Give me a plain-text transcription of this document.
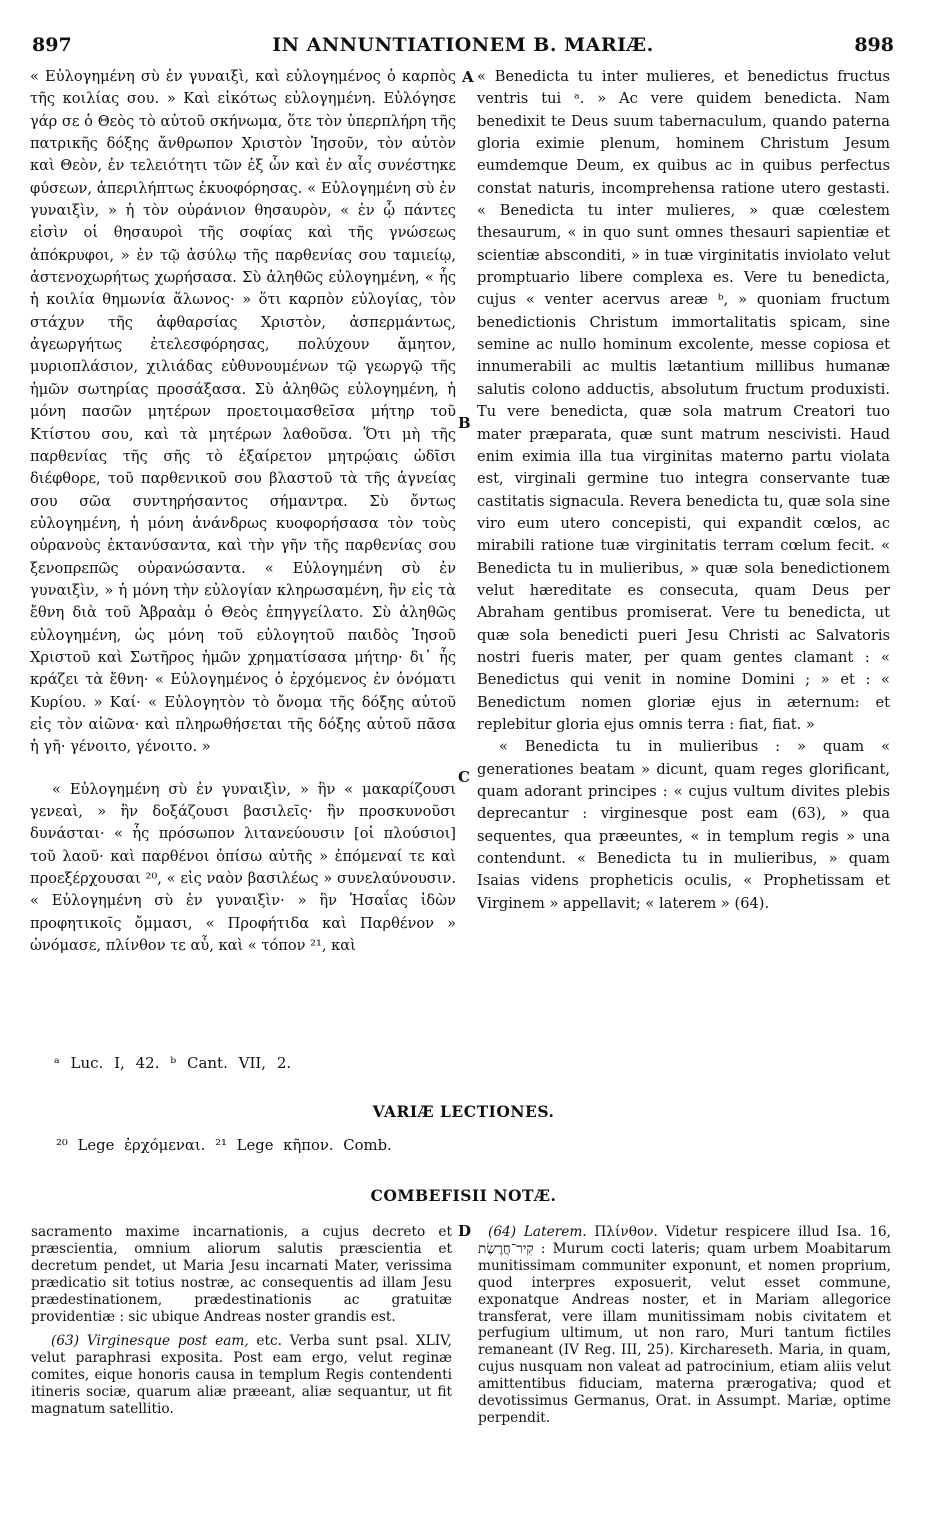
897	IN ANNUNTIATIONEM B. MARIÆ.	898

« Εὐλογημένη σὺ ἐν γυναιξὶ, καὶ εὐλογημένος ὁ καρπὸς τῆς κοιλίας σου. » Καὶ εἰκότως εὐλογημένη. Εὐλόγησε γάρ σε ὁ Θεὸς τὸ αὐτοῦ σκήνωμα, ὅτε τὸν ὑπερπλήρη τῆς πατρικῆς δόξης ἄνθρωπον Χριστὸν Ἰησοῦν, τὸν αὐτὸν καὶ Θεὸν, ἐν τελειότητι τῶν ἐξ ὧν καὶ ἐν αἷς συνέστηκε φύσεων, ἀπεριλήπτως ἐκυοφόρησας. « Εὐλογημένη σὺ ἐν γυναιξὶν, » ἡ τὸν οὐράνιον θησαυρὸν, « ἐν ᾧ πάντες εἰσὶν οἱ θησαυροὶ τῆς σοφίας καὶ τῆς γνώσεως ἀπόκρυφοι, » ἐν τῷ ἀσύλῳ τῆς παρθενίας σου ταμιείῳ, ἀστενοχωρήτως χωρήσασα. Σὺ ἀληθῶς εὐλογημένη, « ἧς ἡ κοιλία θημωνία ἅλωνος· » ὅτι καρπὸν εὐλογίας, τὸν στάχυν τῆς ἀφθαρσίας Χριστὸν, ἀσπερμάντως, ἀγεωργήτως ἐτελεσφόρησας, πολύχουν ἄμητον, μυριοπλάσιον, χιλιάδας εὐθυνουμένων τῷ γεωργῷ τῆς ἡμῶν σωτηρίας προσάξασα. Σὺ ἀληθῶς εὐλογημένη, ἡ μόνη πασῶν μητέρων προετοιμασθεῖσα μήτηρ τοῦ Κτίστου σου, καὶ τὰ μητέρων λαθοῦσα. Ὅτι μὴ τῆς παρθενίας τῆς σῆς τὸ ἐξαίρετον μητρῴαις ὠδῖσι διέφθορε, τοῦ παρθενικοῦ σου βλαστοῦ τὰ τῆς ἁγνείας σου σῶα συντηρήσαντος σήμαντρα. Σὺ ὄντως εὐλογημένη, ἡ μόνη ἀνάνδρως κυοφορήσασα τὸν τοὺς οὐρανοὺς ἐκτανύσαντα, καὶ τὴν γῆν τῆς παρθενίας σου ξενοπρεπῶς οὐρανώσαντα. « Εὐλογημένη σὺ ἐν γυναιξὶν, » ἡ μόνη τὴν εὐλογίαν κληρωσαμένη, ἣν εἰς τὰ ἔθνη διὰ τοῦ Ἀβραὰμ ὁ Θεὸς ἐπηγγείλατο. Σὺ ἀληθῶς εὐλογημένη, ὡς μόνη τοῦ εὐλογητοῦ παιδὸς Ἰησοῦ Χριστοῦ καὶ Σωτῆρος ἡμῶν χρηματίσασα μήτηρ· δι᾽ ἧς κράζει τὰ ἔθνη· « Εὐλογημένος ὁ ἐρχόμενος ἐν ὀνόματι Κυρίου. » Καί· « Εὐλογητὸν τὸ ὄνομα τῆς δόξης αὐτοῦ εἰς τὸν αἰῶνα· καὶ πληρωθήσεται τῆς δόξης αὐτοῦ πᾶσα ἡ γῆ· γένοιτο, γένοιτο. »

« Εὐλογημένη σὺ ἐν γυναιξὶν, » ἣν « μακαρίζουσι γενεαὶ, » ἣν δοξάζουσι βασιλεῖς· ἣν προσκυνοῦσι δυνάσται· « ἧς πρόσωπον λιτανεύουσιν [οἱ πλούσιοι] τοῦ λαοῦ· καὶ παρθένοι ὀπίσω αὐτῆς » ἐπόμεναί τε καὶ προεξέρχουσαι ²⁰, « εἰς ναὸν βασιλέως » συνελαύνουσιν. « Εὐλογημένη σὺ ἐν γυναιξὶν· » ἣν Ἡσαΐας ἰδὼν προφητικοῖς ὄμμασι, « Προφήτιδα καὶ Παρθένον » ὠνόμασε, πλίνθον τε αὖ, καὶ « τόπον ²¹, καὶ

« Benedicta tu inter mulieres, et benedictus fructus ventris tui ᵃ. » Ac vere quidem benedicta. Nam benedixit te Deus suum tabernaculum, quando paterna gloria eximie plenum, hominem Christum Jesum eumdemque Deum, ex quibus ac in quibus perfectus constat naturis, incomprehensa ratione utero gestasti. « Benedicta tu inter mulieres, » quæ cœlestem thesaurum, « in quo sunt omnes thesauri sapientiæ et scientiæ absconditi, » in tuæ virginitatis inviolato velut promptuario libere complexa es. Vere tu benedicta, cujus « venter acervus areæ ᵇ, » quoniam fructum benedictionis Christum immortalitatis spicam, sine semine ac nullo hominum excolente, messe copiosa et innumerabili ac multis lætantium millibus humanæ salutis colono adductis, absolutum fructum produxisti. Tu vere benedicta, quæ sola matrum Creatori tuo mater præparata, quæ sunt matrum nescivisti. Haud enim eximia illa tua virginitas materno partu violata est, virginali germine tuo integra conservante tuæ castitatis signacula. Revera benedicta tu, quæ sola sine viro eum utero concepisti, qui expandit cœlos, ac mirabili ratione tuæ virginitatis terram cœlum fecit. « Benedicta tu in mulieribus, » quæ sola benedictionem velut hæreditate es consecuta, quam Deus per Abraham gentibus promiserat. Vere tu benedicta, ut quæ sola benedicti pueri Jesu Christi ac Salvatoris nostri fueris mater, per quam gentes clamant : « Benedictus qui venit in nomine Domini ; » et : « Benedictum nomen gloriæ ejus in æternum: et replebitur gloria ejus omnis terra : fiat, fiat. »

« Benedicta tu in mulieribus : » quam « generationes beatam » dicunt, quam reges glorificant, quam adorant principes : « cujus vultum divites plebis deprecantur : virginesque post eam (63), » qua sequentes, qua præeuntes, « in templum regis » una contendunt. « Benedicta tu in mulieribus, » quam Isaias videns propheticis oculis, « Prophetissam et Virginem » appellavit; « laterem » (64).

A
B
C
D
ᵃ Luc. I, 42. ᵇ Cant. VII, 2.
VARIÆ LECTIONES.
²⁰ Lege ἐρχόμεναι. ²¹ Lege κῆπον. Comb.
COMBEFISII NOTÆ.

sacramento maxime incarnationis, a cujus decreto et præscientia, omnium aliorum salutis præscientia et decretum pendet, ut Maria Jesu incarnati Mater, verissima prædicatio sit totius nostræ, ac consequentis ad illam Jesu prædestinationem, prædestinationis ac gratuitæ providentiæ : sic ubique Andreas noster grandis est.

(63) Virginesque post eam, etc. Verba sunt psal. XLIV, velut paraphrasi exposita. Post eam ergo, velut reginæ comites, eique honoris causa in templum Regis contendenti itineris sociæ, quarum aliæ præeant, aliæ sequantur, ut fit magnatum satellitio.

(64) Laterem. Πλίνθον. Videtur respicere illud Isa. 16, קִיר־חֲרֶשֶׂת : Murum cocti lateris; quam urbem Moabitarum munitissimam communiter exponunt, et nomen proprium, quod interpres exposuerit, velut esset commune, exponatque Andreas noster, et in Mariam allegorice transferat, vere illam munitissimam nobis civitatem et perfugium ultimum, ut non raro, Muri tantum fictiles remaneant (IV Reg. III, 25). Kirchareseth. Maria, in quam, cujus nusquam non valeat ad patrocinium, etiam aliis velut amittentibus fiduciam, materna prærogativa; quod et devotissimus Germanus, Orat. in Assumpt. Mariæ, optime perpendit.
